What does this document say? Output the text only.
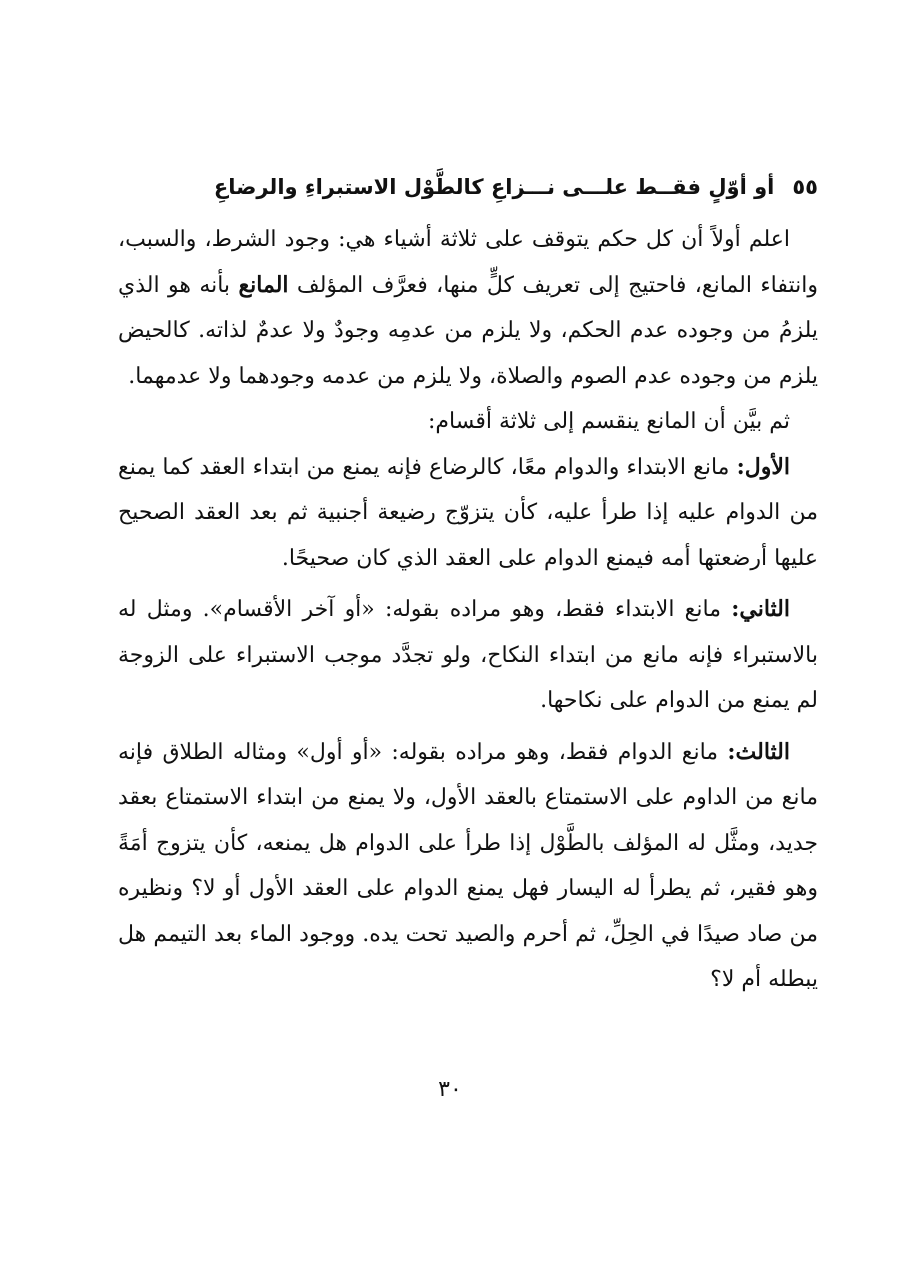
٥٥أو أوّلٍ فقــط علـــى نـــزاعِ كالطَّوْل الاستبراءِ والرضاعِ

اعلم أولاً أن كل حكم يتوقف على ثلاثة أشياء هي: وجود الشرط، والسبب، وانتفاء المانع، فاحتيج إلى تعريف كلٍّ منها، فعرَّف المؤلف المانع بأنه هو الذي يلزمُ من وجوده عدم الحكم، ولا يلزم من عدمِه وجودٌ ولا عدمٌ لذاته. كالحيض يلزم من وجوده عدم الصوم والصلاة، ولا يلزم من عدمه وجودهما ولا عدمهما.

ثم بيَّن أن المانع ينقسم إلى ثلاثة أقسام:

الأول: مانع الابتداء والدوام معًا، كالرضاع فإنه يمنع من ابتداء العقد كما يمنع من الدوام عليه إذا طرأ عليه، كأن يتزوّج رضيعة أجنبية ثم بعد العقد الصحيح عليها أرضعتها أمه فيمنع الدوام على العقد الذي كان صحيحًا.

الثاني: مانع الابتداء فقط، وهو مراده بقوله: «أو آخر الأقسام». ومثل له بالاستبراء فإنه مانع من ابتداء النكاح، ولو تجدَّد موجب الاستبراء على الزوجة لم يمنع من الدوام على نكاحها.

الثالث: مانع الدوام فقط، وهو مراده بقوله: «أو أول» ومثاله الطلاق فإنه مانع من الداوم على الاستمتاع بالعقد الأول، ولا يمنع من ابتداء الاستمتاع بعقد جديد، ومثَّل له المؤلف بالطَّوْل إذا طرأ على الدوام هل يمنعه، كأن يتزوج أمَةً وهو فقير، ثم يطرأ له اليسار فهل يمنع الدوام على العقد الأول أو لا؟ ونظيره من صاد صيدًا في الحِلِّ، ثم أحرم والصيد تحت يده. ووجود الماء بعد التيمم هل يبطله أم لا؟

٣٠
